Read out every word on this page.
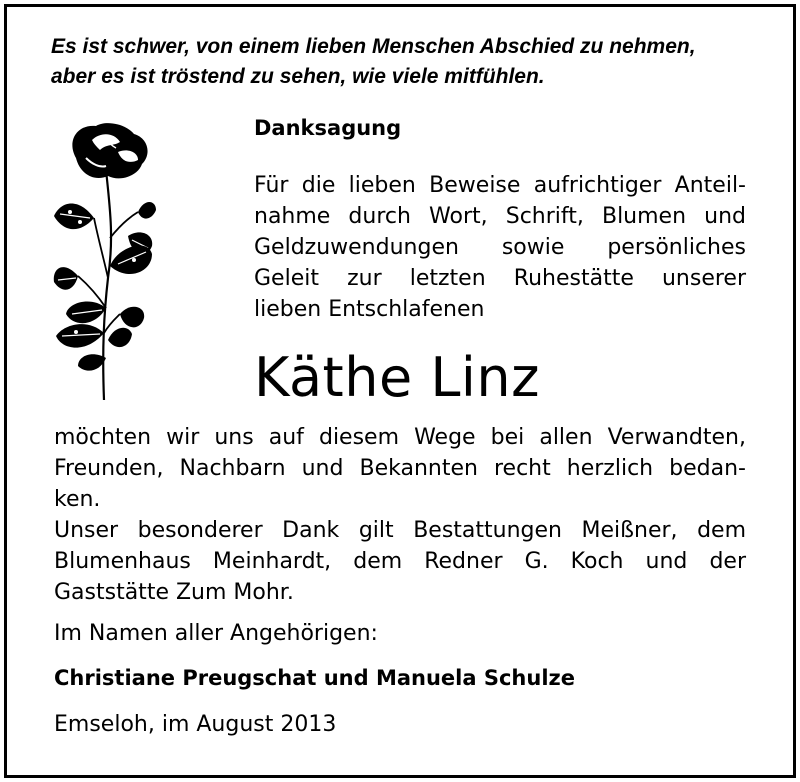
Es ist schwer, von einem lieben Menschen Abschied zu nehmen,
aber es ist tröstend zu sehen, wie viele mitfühlen.
Danksagung
Für die lieben Beweise aufrichtiger Anteil-
nahme durch Wort, Schrift, Blumen und
Geldzuwendungen sowie persönliches
Geleit zur letzten Ruhestätte unserer
lieben Entschlafenen
Käthe Linz
möchten wir uns auf diesem Wege bei allen Verwandten,
Freunden, Nachbarn und Bekannten recht herzlich bedan-
ken.
Unser besonderer Dank gilt Bestattungen Meißner, dem
Blumenhaus Meinhardt, dem Redner G. Koch und der
Gaststätte Zum Mohr.
Im Namen aller Angehörigen:
Christiane Preugschat und Manuela Schulze
Emseloh, im August 2013
